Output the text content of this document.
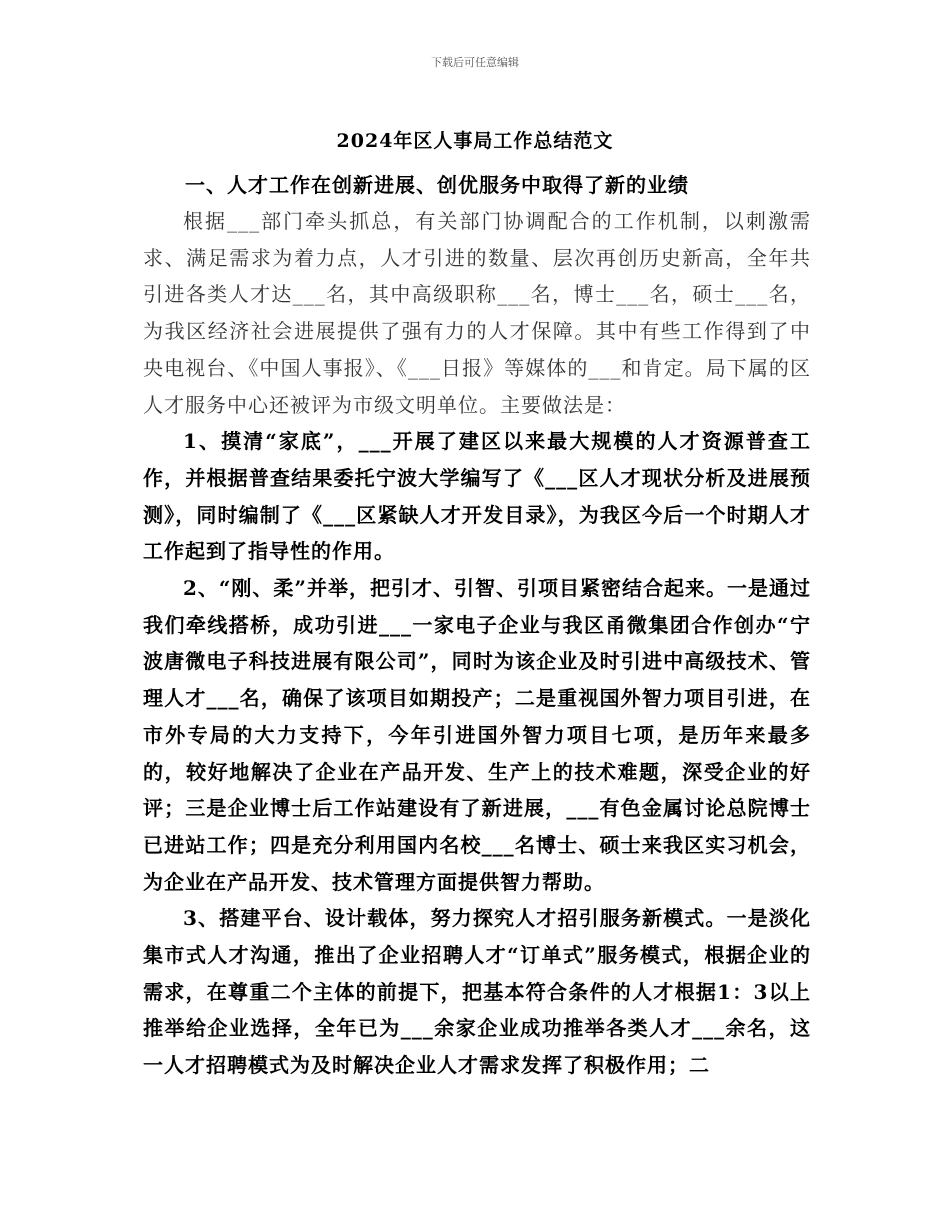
下载后可任意编辑
2024年区人事局工作总结范文

一、人才工作在创新进展、创优服务中取得了新的业绩

根据___部门牵头抓总，有关部门协调配合的工作机制，以刺激需求、满足需求为着力点，人才引进的数量、层次再创历史新高，全年共引进各类人才达___名，其中高级职称___名，博士___名，硕士___名，为我区经济社会进展提供了强有力的人才保障。其中有些工作得到了中央电视台、《中国人事报》、《___日报》等媒体的___和肯定。局下属的区人才服务中心还被评为市级文明单位。主要做法是：

1、摸清“家底”，___开展了建区以来最大规模的人才资源普查工作，并根据普查结果委托宁波大学编写了《___区人才现状分析及进展预测》，同时编制了《___区紧缺人才开发目录》，为我区今后一个时期人才工作起到了指导性的作用。

2、“刚、柔”并举，把引才、引智、引项目紧密结合起来。一是通过我们牵线搭桥，成功引进___一家电子企业与我区甬微集团合作创办“宁波唐微电子科技进展有限公司”，同时为该企业及时引进中高级技术、管理人才___名，确保了该项目如期投产；二是重视国外智力项目引进，在市外专局的大力支持下，今年引进国外智力项目七项，是历年来最多的，较好地解决了企业在产品开发、生产上的技术难题，深受企业的好评；三是企业博士后工作站建设有了新进展，___有色金属讨论总院博士已进站工作；四是充分利用国内名校___名博士、硕士来我区实习机会，为企业在产品开发、技术管理方面提供智力帮助。

3、搭建平台、设计载体，努力探究人才招引服务新模式。一是淡化集市式人才沟通，推出了企业招聘人才“订单式”服务模式，根据企业的需求，在尊重二个主体的前提下，把基本符合条件的人才根据1：3以上推举给企业选择，全年已为___余家企业成功推举各类人才___余名，这一人才招聘模式为及时解决企业人才需求发挥了积极作用；二
